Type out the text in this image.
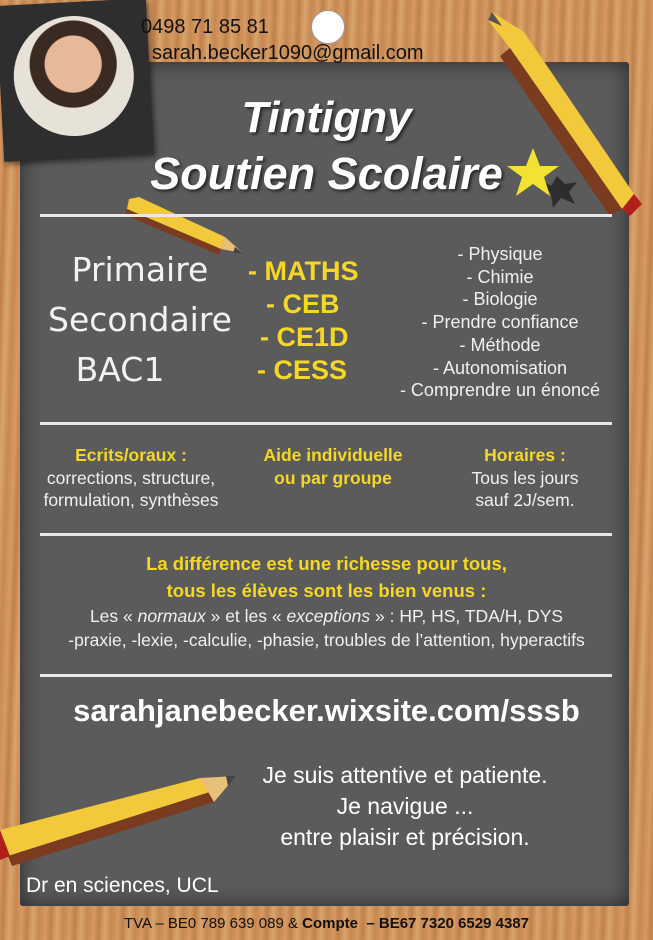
0498 71 85 81
sarah.becker1090@gmail.com
Tintigny
Soutien Scolaire
Primaire
Secondaire
BAC1
- MATHS
- CEB
- CE1D
- CESS
- Physique
- Chimie
- Biologie
- Prendre confiance
- Méthode
- Autonomisation
- Comprendre un énoncé
Ecrits/oraux :
corrections, structure,
formulation, synthèses
Aide individuelle
ou par groupe
Horaires :
Tous les jours
sauf 2J/sem.
La différence est une richesse pour tous,
tous les élèves sont les bien venus :
Les « normaux » et les « exceptions » : HP, HS, TDA/H, DYS
-praxie, -lexie, -calculie, -phasie, troubles de l’attention, hyperactifs
sarahjanebecker.wixsite.com/sssb
Je suis attentive et patiente.
Je navigue ...
entre plaisir et précision.
Dr en sciences, UCL
TVA – BE0 789 639 089 & Compte  – BE67 7320 6529 4387
